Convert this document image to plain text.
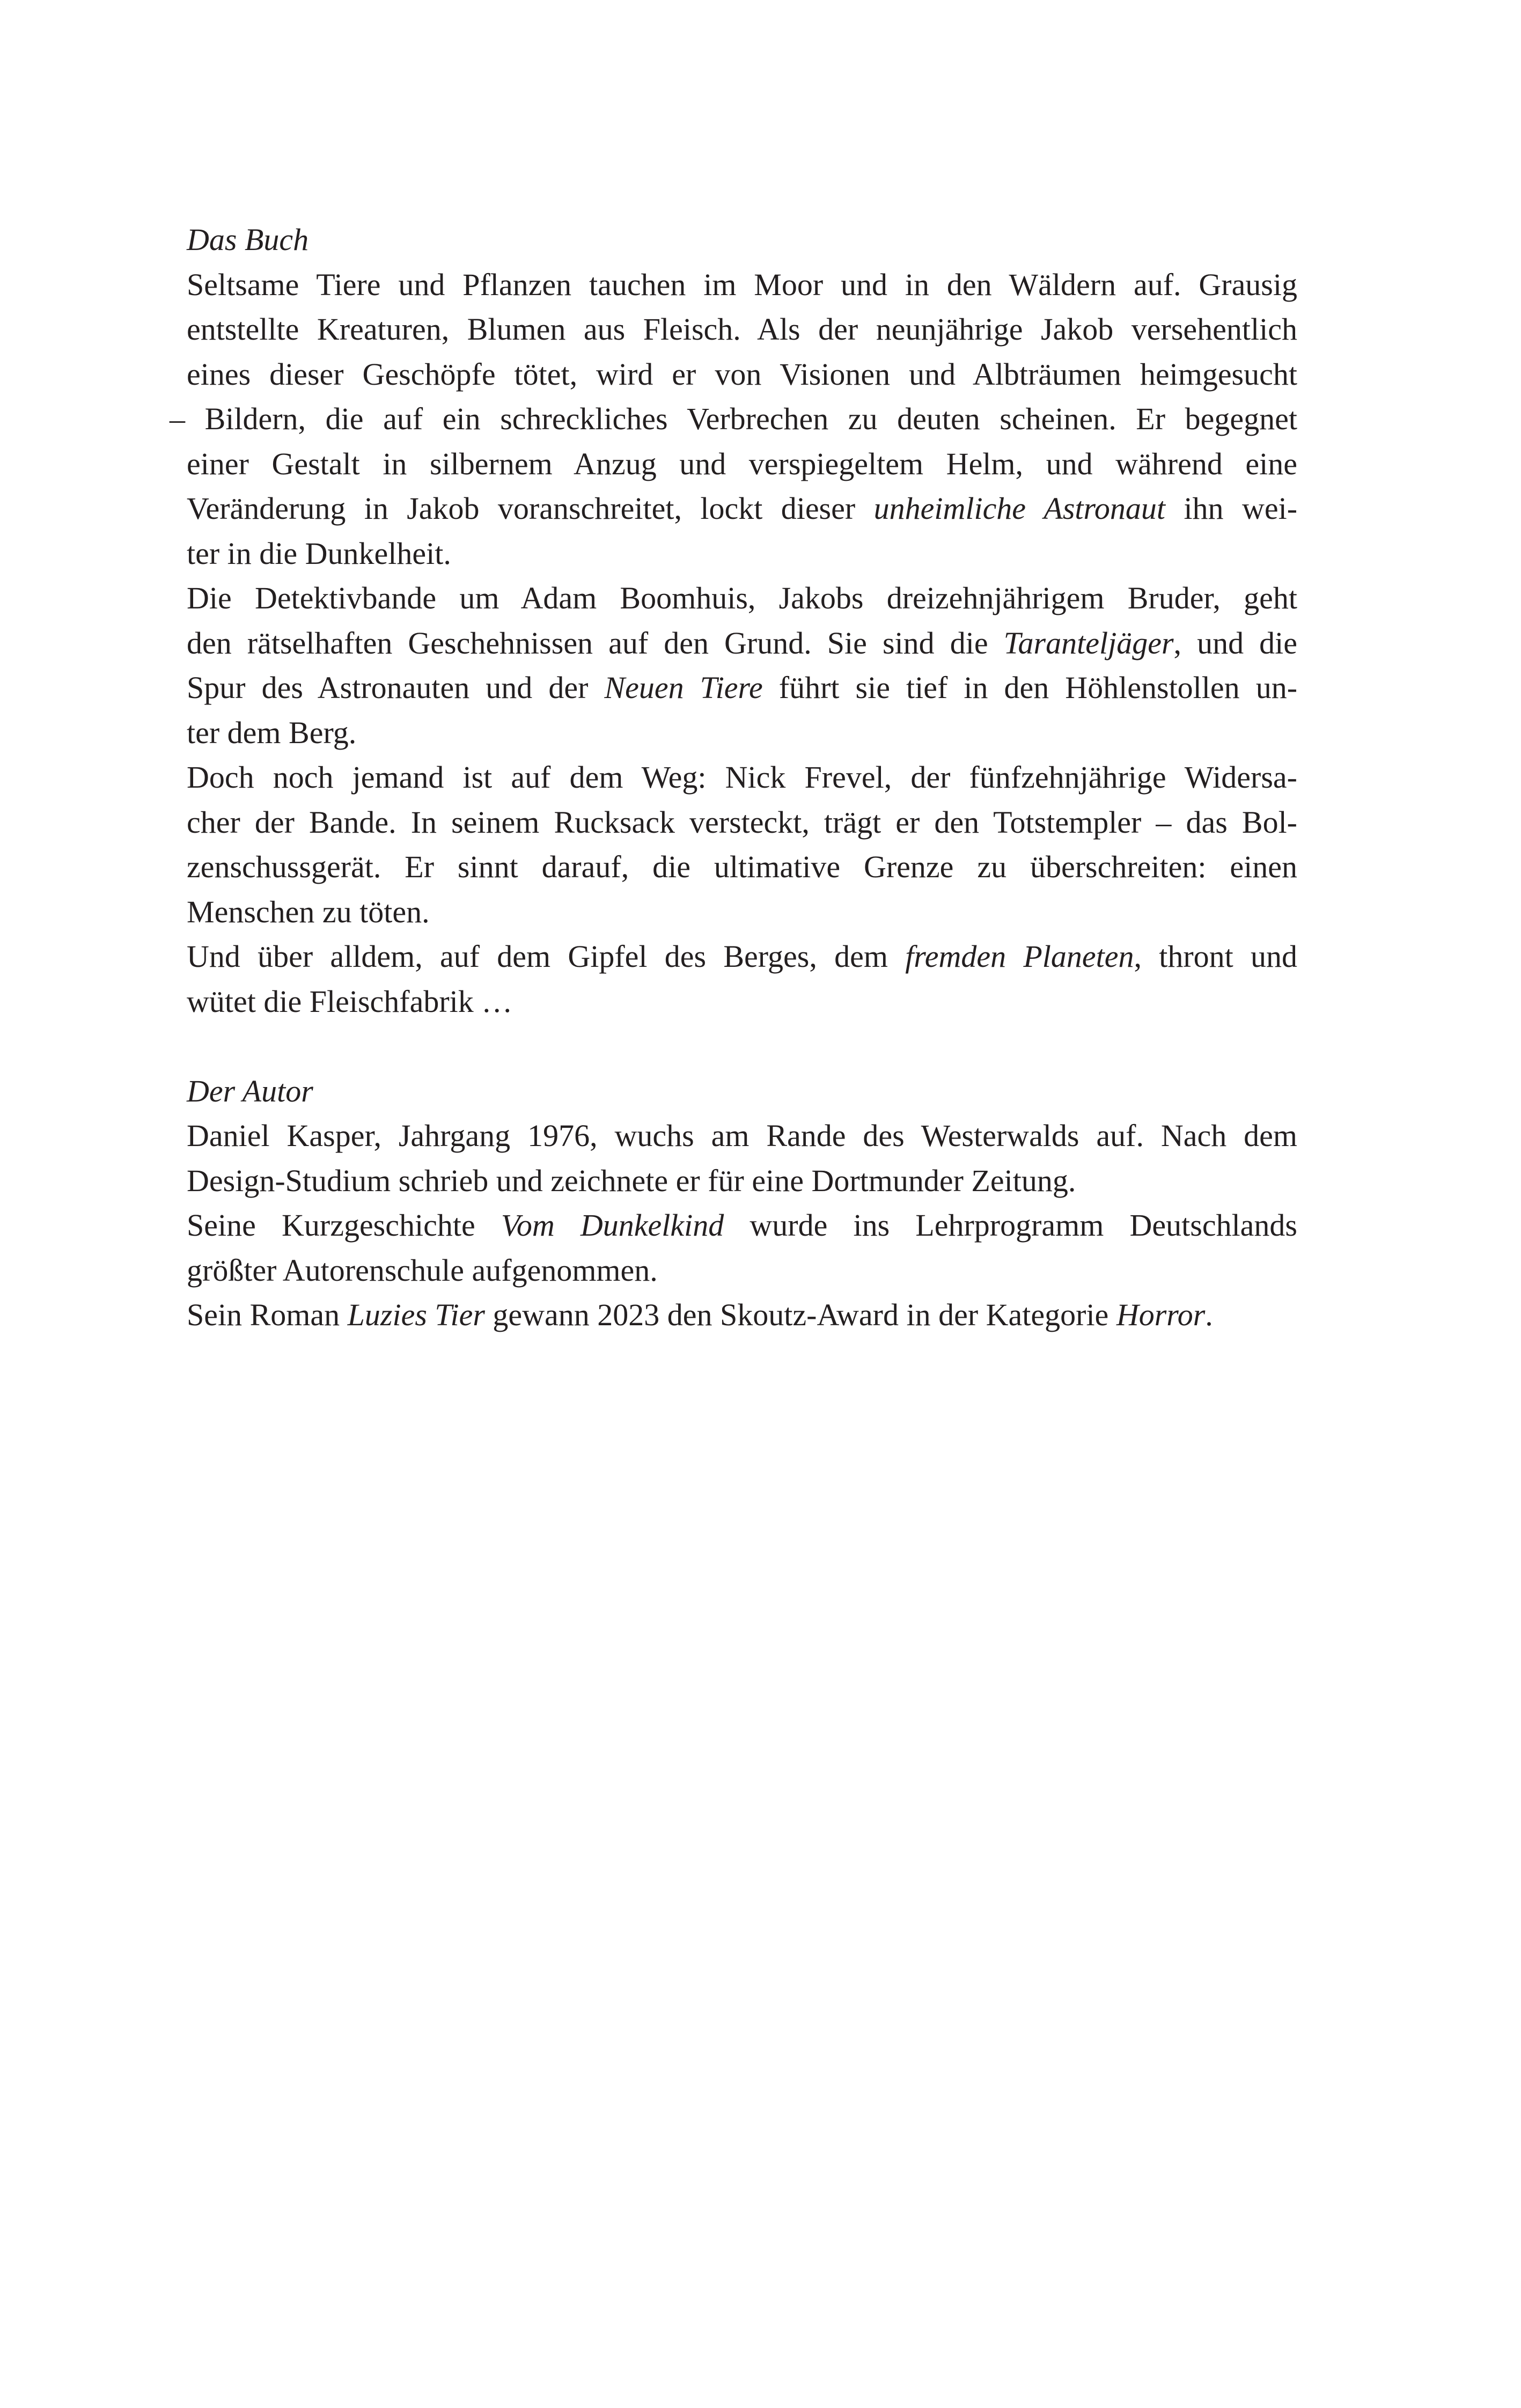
Das Buch

Seltsame Tiere und Pflanzen tauchen im Moor und in den Wäldern auf. Grausig
entstellte Kreaturen, Blumen aus Fleisch. Als der neunjährige Jakob versehentlich
eines dieser Geschöpfe tötet, wird er von Visionen und Albträumen heimgesucht
– Bildern, die auf ein schreckliches Verbrechen zu deuten scheinen. Er begegnet
einer Gestalt in silbernem Anzug und verspiegeltem Helm, und während eine
Veränderung in Jakob voranschreitet, lockt dieser unheimliche Astronaut ihn wei-
ter in die Dunkelheit.

Die Detektivbande um Adam Boomhuis, Jakobs dreizehnjährigem Bruder, geht
den rätselhaften Geschehnissen auf den Grund. Sie sind die Taranteljäger, und die
Spur des Astronauten und der Neuen Tiere führt sie tief in den Höhlenstollen un-
ter dem Berg.

Doch noch jemand ist auf dem Weg: Nick Frevel, der fünfzehnjährige Widersa-
cher der Bande. In seinem Rucksack versteckt, trägt er den Totstempler – das Bol-
zenschussgerät. Er sinnt darauf, die ultimative Grenze zu überschreiten: einen
Menschen zu töten.

Und über alldem, auf dem Gipfel des Berges, dem fremden Planeten, thront und
wütet die Fleischfabrik …

Der Autor

Daniel Kasper, Jahrgang 1976, wuchs am Rande des Westerwalds auf. Nach dem
Design-Studium schrieb und zeichnete er für eine Dortmunder Zeitung.

Seine Kurzgeschichte Vom Dunkelkind wurde ins Lehrprogramm Deutschlands
größter Autorenschule aufgenommen.

Sein Roman Luzies Tier gewann 2023 den Skoutz-Award in der Kategorie Horror.
